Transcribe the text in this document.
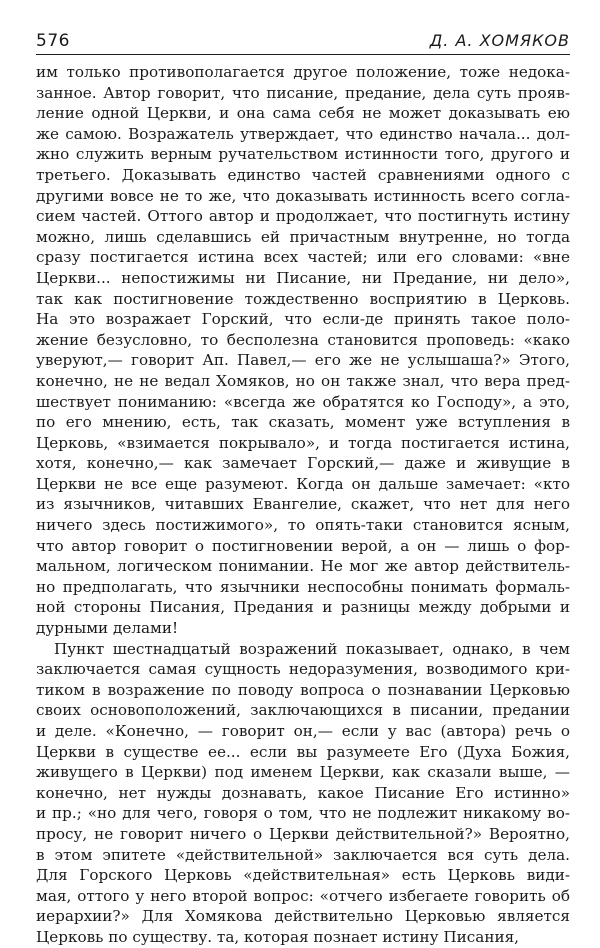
576	Д. А. ХОМЯКОВ
им только противополагается другое положение, тоже недока-
занное. Автор говорит, что писание, предание, дела суть прояв-
ление одной Церкви, и она сама себя не может доказывать ею
же самою. Возражатель утверждает, что единство начала... дол-
жно служить верным ручательством истинности того, другого и
третьего. Доказывать единство частей сравнениями одного с
другими вовсе не то же, что доказывать истинность всего согла-
сием частей. Оттого автор и продолжает, что постигнуть истину
можно, лишь сделавшись ей причастным внутренне, но тогда
сразу постигается истина всех частей; или его словами: «вне
Церкви... непостижимы ни Писание, ни Предание, ни дело»,
так как постигновение тождественно восприятию в Церковь.
На это возражает Горский, что если-де принять такое поло-
жение безусловно, то бесполезна становится проповедь: «како
уверуют,— говорит Ап. Павел,— его же не услышаша?» Этого,
конечно, не не ведал Хомяков, но он также знал, что вера пред-
шествует пониманию: «всегда же обратятся ко Господу», а это,
по его мнению, есть, так сказать, момент уже вступления в
Церковь, «взимается покрывало», и тогда постигается истина,
хотя, конечно,— как замечает Горский,— даже и живущие в
Церкви не все еще разумеют. Когда он дальше замечает: «кто
из язычников, читавших Евангелие, скажет, что нет для него
ничего здесь постижимого», то опять-таки становится ясным,
что автор говорит о постигновении верой, а он — лишь о фор-
мальном, логическом понимании. Не мог же автор действитель-
но предполагать, что язычники неспособны понимать формаль-
ной стороны Писания, Предания и разницы между добрыми и
дурными делами!
Пункт шестнадцатый возражений показывает, однако, в чем
заключается самая сущность недоразумения, возводимого кри-
тиком в возражение по поводу вопроса о познавании Церковью
своих основоположений, заключающихся в писании, предании
и деле. «Конечно, — говорит он,— если у вас (автора) речь о
Церкви в существе ее... если вы разумеете Его (Духа Божия,
живущего в Церкви) под именем Церкви, как сказали выше, —
конечно, нет нужды дознавать, какое Писание Его истинно»
и пр.; «но для чего, говоря о том, что не подлежит никакому во-
просу, не говорит ничего о Церкви действительной?» Вероятно,
в этом эпитете «действительной» заключается вся суть дела.
Для Горского Церковь «действительная» есть Церковь види-
мая, оттого у него второй вопрос: «отчего избегаете говорить об
иерархии?» Для Хомякова действительно Церковью является
Церковь по существу. та, которая познает истину Писания,
